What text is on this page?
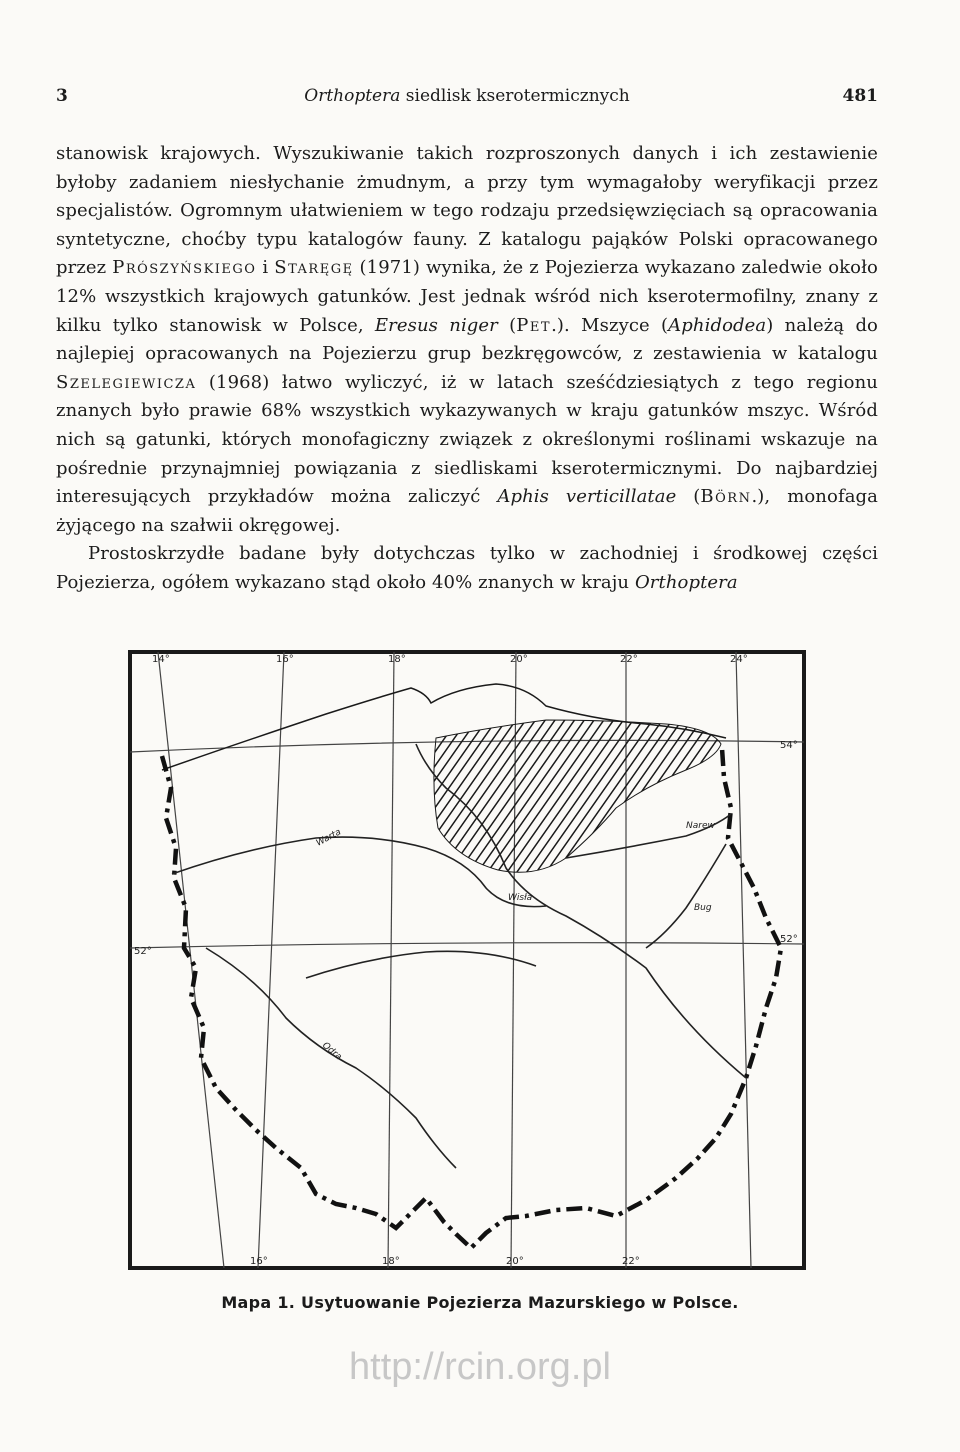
3	Orthoptera siedlisk kserotermicznych	481

stanowisk krajowych. Wyszukiwanie takich rozproszonych danych i ich zestawienie byłoby zadaniem niesłychanie żmudnym, a przy tym wymagałoby weryfikacji przez specjalistów. Ogromnym ułatwieniem w tego rodzaju przedsięwzięciach są opracowania syntetyczne, choćby typu katalogów fauny. Z katalogu pająków Polski opracowanego przez Prószyńskiego i Staręgę (1971) wynika, że z Pojezierza wykazano zaledwie około 12% wszystkich krajowych gatunków. Jest jednak wśród nich kserotermofilny, znany z kilku tylko stanowisk w Polsce, Eresus niger (Pet.). Mszyce (Aphidodea) należą do najlepiej opracowanych na Pojezierzu grup bezkręgowców, z zestawienia w katalogu Szelegiewicza (1968) łatwo wyliczyć, iż w latach sześćdziesiątych z tego regionu znanych było prawie 68% wszystkich wykazywanych w kraju gatunków mszyc. Wśród nich są gatunki, których monofagiczny związek z określonymi roślinami wskazuje na pośrednie przynajmniej powiązania z siedliskami kserotermicznymi. Do najbardziej interesujących przykładów można zaliczyć Aphis verticillatae (Börn.), monofaga żyjącego na szałwii okręgowej.

Prostoskrzydłe badane były dotychczas tylko w zachodniej i środkowej części Pojezierza, ogółem wykazano stąd około 40% znanych w kraju Orthoptera

14°	16°	18°	20°	22°	24°
16°	18°	20°	22°
54°
52°
52°
Narew
Bug
Warta
Wisła
Odra
Mapa 1. Usytuowanie Pojezierza Mazurskiego w Polsce.
http://rcin.org.pl
